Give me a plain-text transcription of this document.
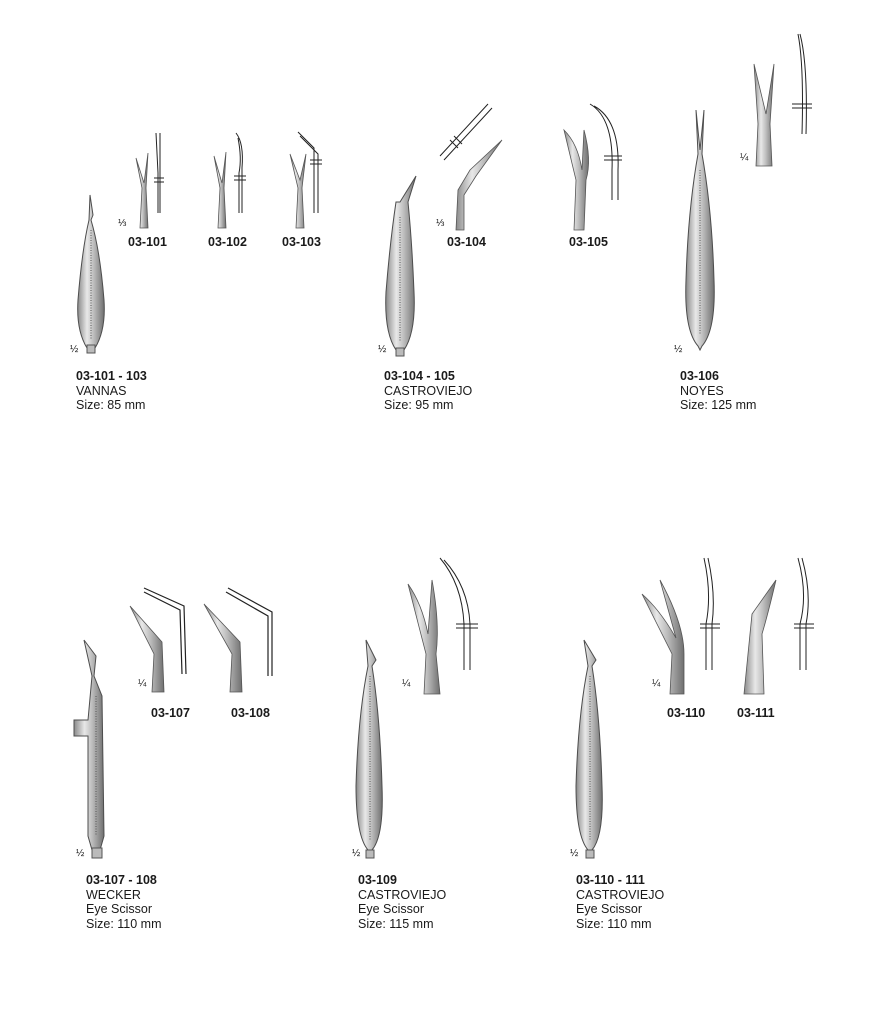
½
⅓
03-101	03-102	03-103
03-101 - 103
VANNAS
Size: 85 mm
½
⅓
03-104	03-105
03-104 - 105
CASTROVIEJO
Size: 95 mm
½
¼
03-106
NOYES
Size: 125 mm
½
¼
03-107	03-108
03-107 - 108
WECKER
Eye Scissor
Size: 110 mm
½
¼
03-109
CASTROVIEJO
Eye Scissor
Size: 115 mm
½
¼
03-110	03-111
03-110 - 111
CASTROVIEJO
Eye Scissor
Size: 110 mm
